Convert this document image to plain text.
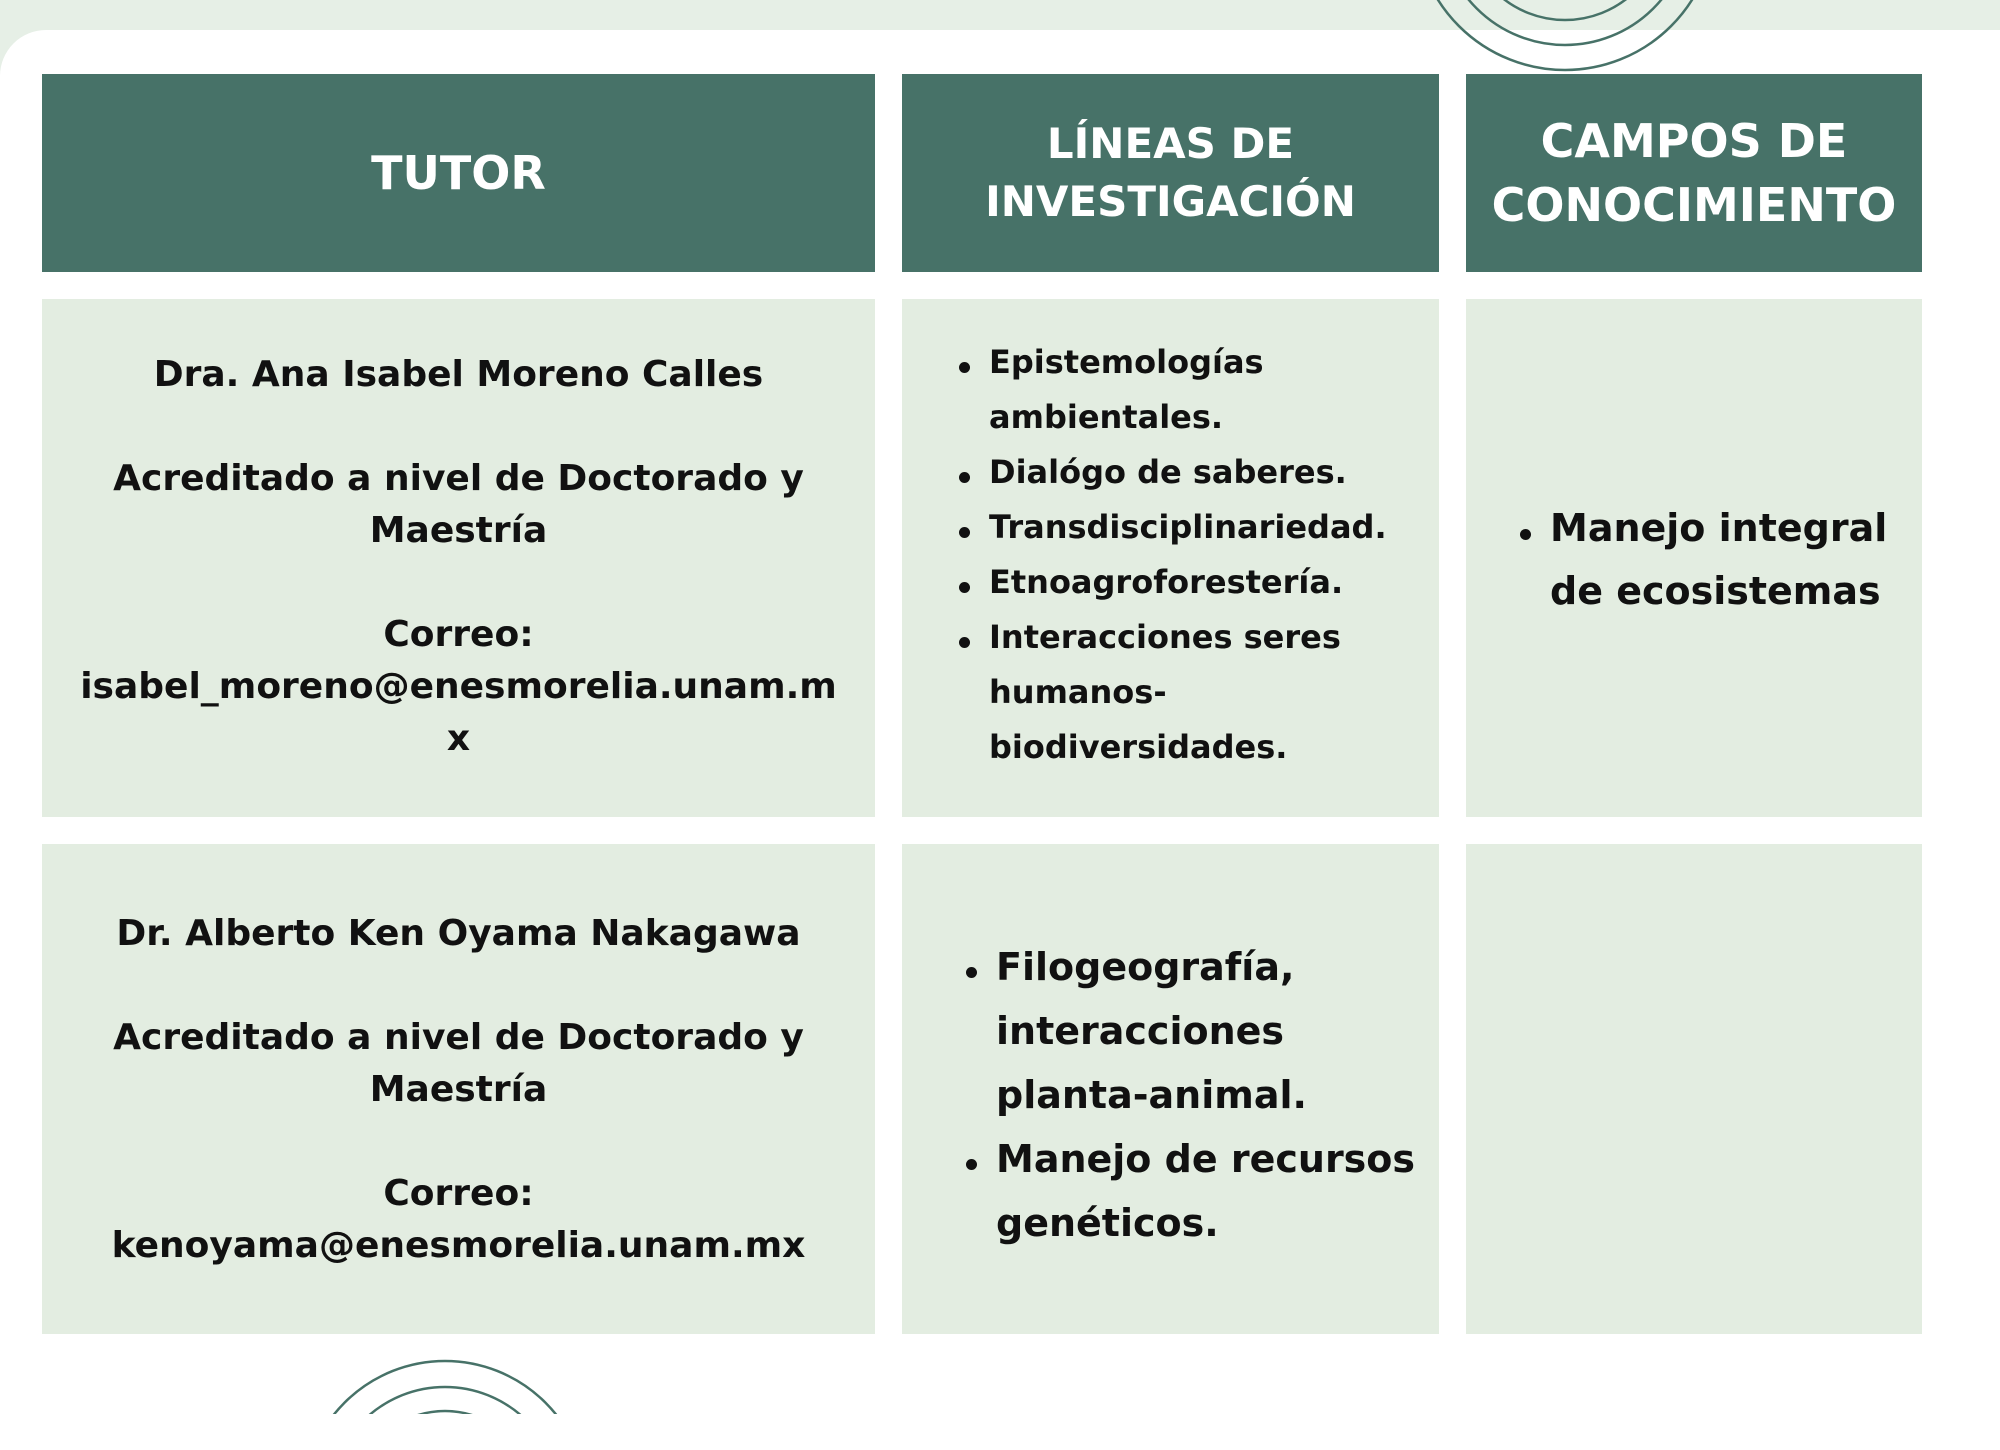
TUTOR
LÍNEAS DE
INVESTIGACIÓN
CAMPOS DE
CONOCIMIENTO

Dra. Ana Isabel Moreno Calles

Acreditado a nivel de Doctorado y

Maestría

Correo:

isabel_moreno@enesmorelia.unam.m

x

Epistemologías
ambientales.
Dialógo de saberes.
Transdisciplinariedad.
Etnoagroforestería.
Interacciones seres
humanos-
biodiversidades.
Manejo integral
de ecosistemas

Dr. Alberto Ken Oyama Nakagawa

Acreditado a nivel de Doctorado y

Maestría

Correo:

kenoyama@enesmorelia.unam.mx

Filogeografía,
interacciones
planta-animal.
Manejo de recursos
genéticos.
